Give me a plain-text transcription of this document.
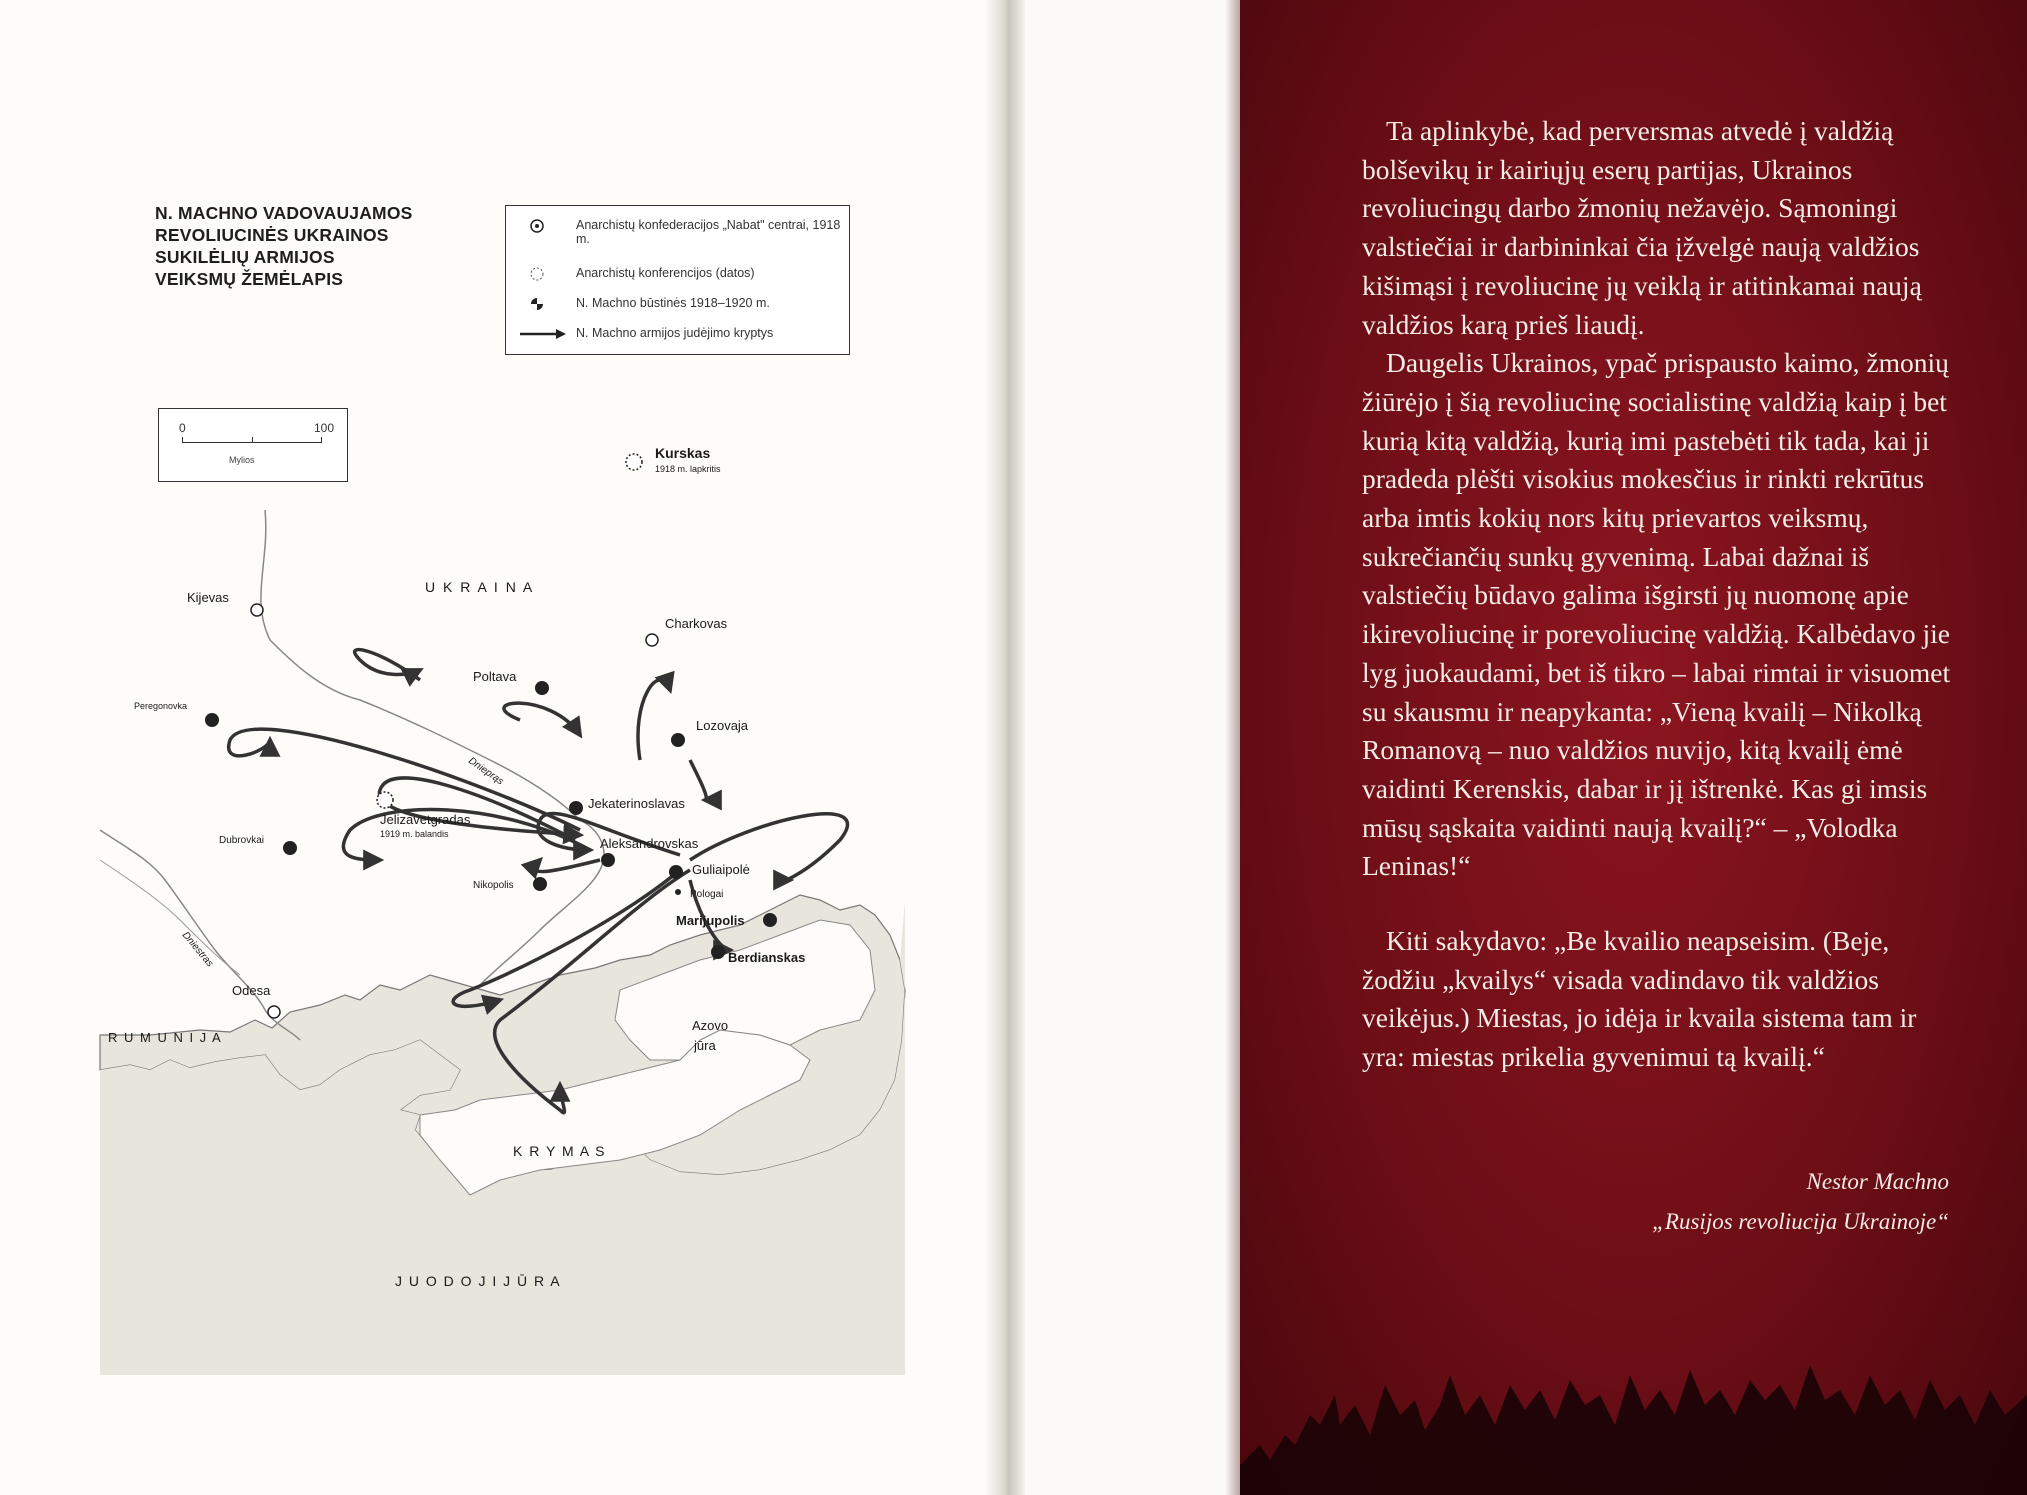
Kurskas
1918 m. lapkritis
U K R A I N A
Kijevas
Charkovas
Poltava
Peregonovka
Lozovaja
Dnieprąs
Jekaterinoslavas
Jelizavetgradas
1919 m. balandis
Dubrovkai	Aleksandrovskas
Guliaipolė
Pologai
Nikopolis
Marijupolis
Dniestras	Berdianskas
Odesa
R U M U N I J A
Azovo
jūra
K R Y M A S
J U O D O J I J Ū R A
N. MACHNO VADOVAUJAMOS
REVOLIUCINĖS UKRAINOS
SUKILĖLIŲ ARMIJOS
VEIKSMŲ ŽEMĖLAPIS
Anarchistų konfederacijos „Nabat" centrai, 1918 m.
Anarchistų konferencijos (datos)
N. Machno būstinės 1918–1920 m.
N. Machno armijos judėjimo kryptys
0	100
Mylios

Ta aplinkybė, kad perversmas atvedė į valdžią bolševikų ir kairiųjų eserų partijas, Ukrainos revoliucingų darbo žmonių nežavėjo. Sąmoningi valstiečiai ir darbininkai čia įžvelgė naują valdžios kišimąsi į revoliucinę jų veiklą ir atitinkamai naują valdžios karą prieš liaudį.

Daugelis Ukrainos, ypač prispausto kaimo, žmonių žiūrėjo į šią revoliucinę socialistinę valdžią kaip į bet kurią kitą valdžią, kurią imi pastebėti tik tada, kai ji pradeda plėšti visokius mokesčius ir rinkti rekrūtus arba imtis kokių nors kitų prievartos veiksmų, sukrečiančių sunkų gyvenimą. Labai dažnai iš valstiečių būdavo galima išgirsti jų nuomonę apie ikirevoliucinę ir porevoliucinę valdžią. Kalbėdavo jie lyg juokaudami, bet iš tikro – labai rimtai ir visuomet su skausmu ir neapykanta: „Vieną kvailį – Nikolką Romanovą – nuo valdžios nuvijo, kitą kvailį ėmė vaidinti Kerenskis, dabar ir jį ištrenkė. Kas gi imsis mūsų sąskaita vaidinti naują kvailį?“ – „Volodka Leninas!“

Kiti sakydavo: „Be kvailio neapseisim. (Beje, žodžiu „kvailys“ visada vadindavo tik valdžios veikėjus.) Miestas, jo idėja ir kvaila sistema tam ir yra: miestas prikelia gyvenimui tą kvailį.“

Nestor Machno
„Rusijos revoliucija Ukrainoje“
